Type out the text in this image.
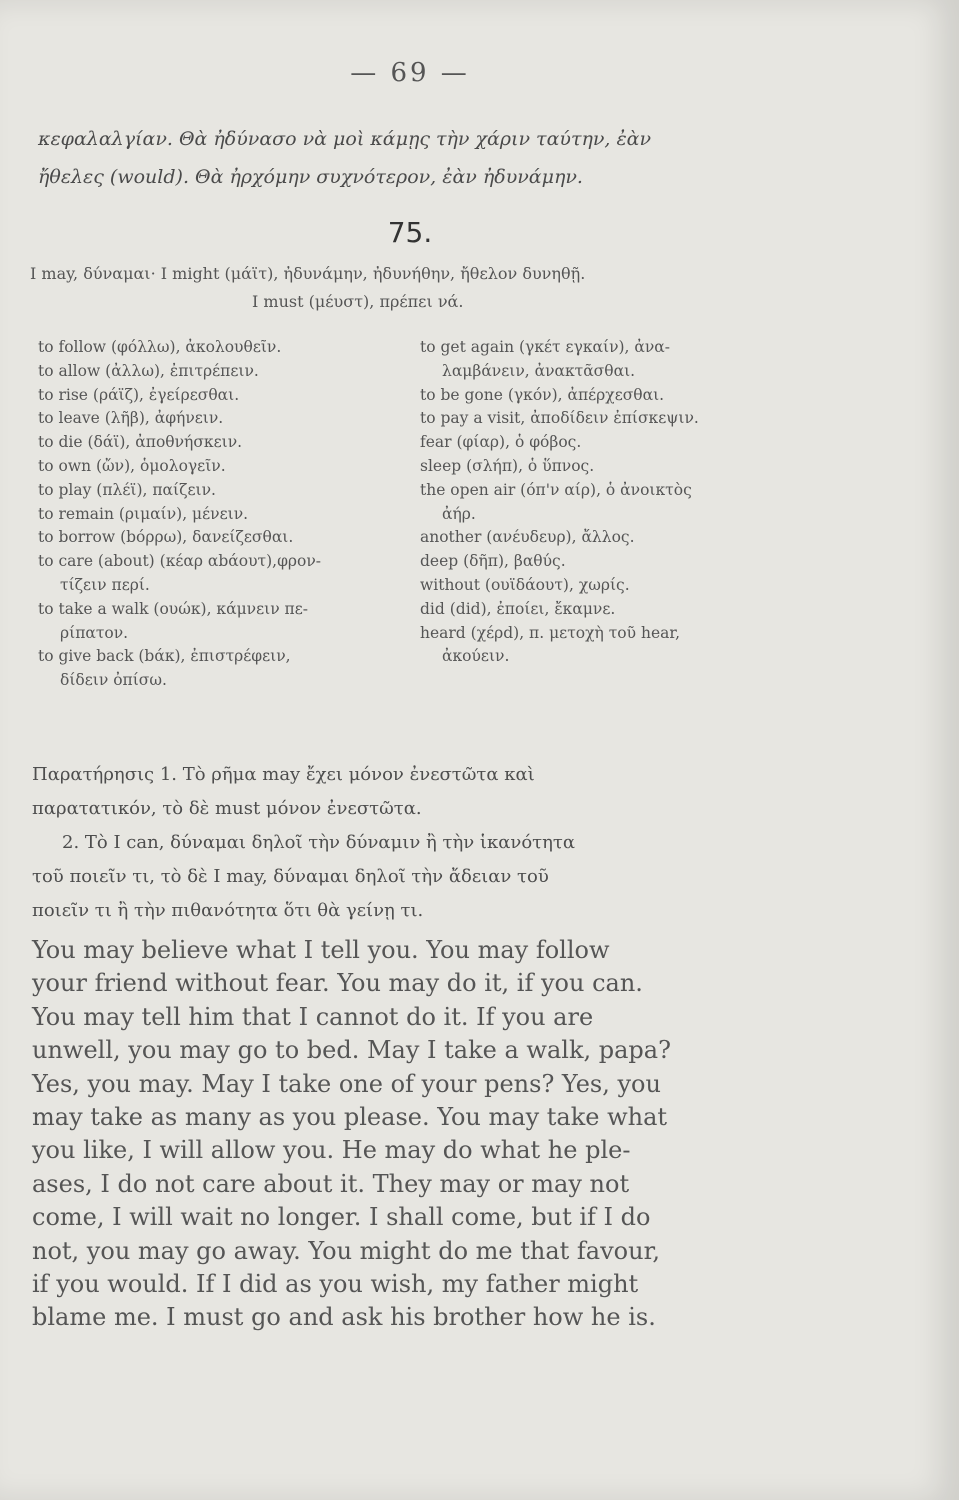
— 69 —
κεφαλαλγίαν. Θὰ ἠδύνασο νὰ μοὶ κάμῃς τὴν χάριν ταύτην, ἐὰν
ἤθελες (would). Θὰ ἠρχόμην συχνότερον, ἐὰν ἠδυνάμην.
75.
I may, δύναμαι· I might (μάϊτ), ἠδυνάμην, ἠδυνήθην, ἤθελον δυνηθῇ.
I must (μέυστ), πρέπει νά.
to follow (φόλλω), ἀκολουθεῖν.
to allow (ἀλλω), ἐπιτρέπειν.
to rise (ράϊζ), ἐγείρεσθαι.
to leave (λῆβ), ἀφήνειν.
to die (δάϊ), ἀποθνήσκειν.
to own (ὤν), ὁμολογεῖν.
to play (πλέϊ), παίζειν.
to remain (ριμαίν), μένειν.
to borrow (bόρρω), δανείζεσθαι.
to care (about) (κέαρ αbάουτ),φρον-
τίζειν περί.
to take a walk (ουώκ), κάμνειν πε-
ρίπατον.
to give back (bάκ), ἐπιστρέφειν,
δίδειν ὀπίσω.
to get again (γκέτ εγκαίν), ἀνα-
λαμβάνειν, ἀνακτᾶσθαι.
to be gone (γκόν), ἀπέρχεσθαι.
to pay a visit, ἀποδίδειν ἐπίσκεψιν.
fear (φίαρ), ὁ φόβος.
sleep (σλήπ), ὁ ὕπνος.
the open air (όπ'ν αίρ), ὁ ἀνοικτὸς
ἀήρ.
another (ανέυδευρ), ἄλλος.
deep (δῆπ), βαθύς.
without (ουϊδάουτ), χωρίς.
did (did), ἐποίει, ἔκαμνε.
heard (χέρd), π. μετοχὴ τοῦ hear,
ἀκούειν.
Παρατήρησις 1. Τὸ ρῆμα may ἔχει μόνον ἐνεστῶτα καὶ
παρατατικόν, τὸ δὲ must μόνον ἐνεστῶτα.
2. Τὸ I can, δύναμαι δηλοῖ τὴν δύναμιν ἢ τὴν ἱκανότητα
τοῦ ποιεῖν τι, τὸ δὲ I may, δύναμαι δηλοῖ τὴν ἄδειαν τοῦ
ποιεῖν τι ἢ τὴν πιθανότητα ὅτι θὰ γείνῃ τι.
You may believe what I tell you. You may follow
your friend without fear. You may do it, if you can.
You may tell him that I cannot do it. If you are
unwell, you may go to bed. May I take a walk, papa?
Yes, you may. May I take one of your pens? Yes, you
may take as many as you please. You may take what
you like, I will allow you. He may do what he ple-
ases, I do not care about it. They may or may not
come, I will wait no longer. I shall come, but if I do
not, you may go away. You might do me that favour,
if you would. If I did as you wish, my father might
blame me. I must go and ask his brother how he is.
